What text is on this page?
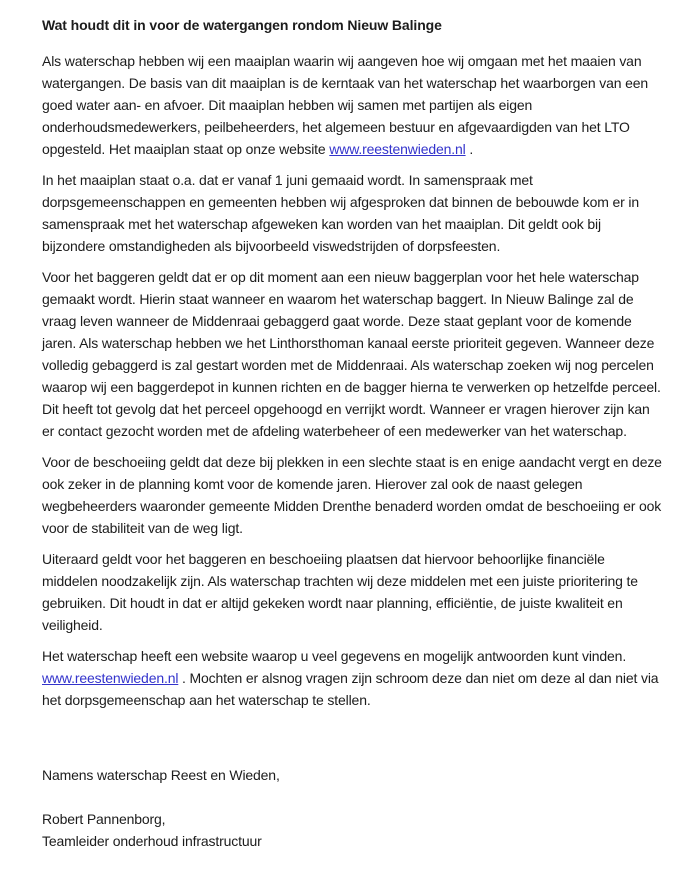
Wat houdt dit in voor de watergangen rondom Nieuw Balinge

Als waterschap hebben wij een maaiplan waarin wij aangeven hoe wij omgaan met het maaien van watergangen. De basis van dit maaiplan is de kerntaak van het waterschap het waarborgen van een goed water aan- en afvoer. Dit maaiplan hebben wij samen met partijen als eigen onderhoudsmedewerkers, peilbeheerders, het algemeen bestuur en afgevaardigden van het LTO opgesteld. Het maaiplan staat op onze website www.reestenwieden.nl .

In het maaiplan staat o.a. dat er vanaf 1 juni gemaaid wordt. In samenspraak met dorpsgemeenschappen en gemeenten hebben wij afgesproken dat binnen de bebouwde kom er in samenspraak met het waterschap afgeweken kan worden van het maaiplan. Dit geldt ook bij bijzondere omstandigheden als bijvoorbeeld viswedstrijden of dorpsfeesten.

Voor het baggeren geldt dat er op dit moment aan een nieuw baggerplan voor het hele waterschap gemaakt wordt. Hierin staat wanneer en waarom het waterschap baggert. In Nieuw Balinge zal de vraag leven wanneer de Middenraai gebaggerd gaat worde. Deze staat geplant voor de komende jaren. Als waterschap hebben we het Linthorsthoman kanaal eerste prioriteit gegeven. Wanneer deze volledig gebaggerd is zal gestart worden met de Middenraai. Als waterschap zoeken wij nog percelen waarop wij een baggerdepot in kunnen richten en de bagger hierna te verwerken op hetzelfde perceel. Dit heeft tot gevolg dat het perceel opgehoogd en verrijkt wordt. Wanneer er vragen hierover zijn kan er contact gezocht worden met de afdeling waterbeheer of een medewerker van het waterschap.

Voor de beschoeiing geldt dat deze bij plekken in een slechte staat is en enige aandacht vergt en deze ook zeker in de planning komt voor de komende jaren. Hierover zal ook de naast gelegen wegbeheerders waaronder gemeente Midden Drenthe benaderd worden omdat de beschoeiing er ook voor de stabiliteit van de weg ligt.

Uiteraard geldt voor het baggeren en beschoeiing plaatsen dat hiervoor behoorlijke financiële middelen noodzakelijk zijn. Als waterschap trachten wij deze middelen met een juiste prioritering te gebruiken. Dit houdt in dat er altijd gekeken wordt naar planning, efficiëntie, de juiste kwaliteit en veiligheid.

Het waterschap heeft een website waarop u veel gegevens en mogelijk antwoorden kunt vinden. www.reestenwieden.nl . Mochten er alsnog vragen zijn schroom deze dan niet om deze al dan niet via het dorpsgemeenschap aan het waterschap te stellen.

Namens waterschap Reest en Wieden,

Robert Pannenborg,
Teamleider onderhoud infrastructuur
